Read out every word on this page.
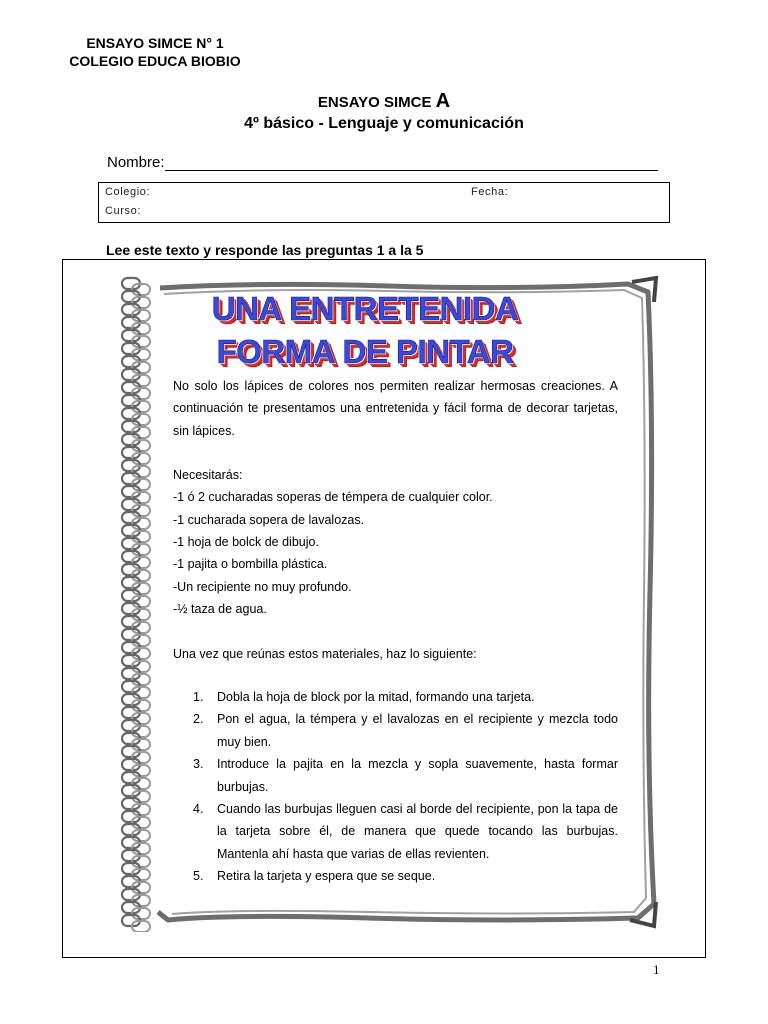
ENSAYO SIMCE N° 1
COLEGIO EDUCA BIOBIO
ENSAYO SIMCE A
4º básico - Lenguaje y comunicación
Nombre:
Colegio:	Fecha:
Curso:
Lee este texto y responde las preguntas 1 a la 5
UNA ENTRETENIDA
FORMA DE PINTAR
No solo los lápices de colores nos permiten realizar hermosas creaciones. A continuación te presentamos una entretenida y fácil forma de decorar tarjetas, sin lápices.
Necesitarás:
-1 ó 2 cucharadas soperas de témpera de cualquier color.
-1 cucharada sopera de lavalozas.
-1 hoja de bolck de dibujo.
-1 pajita o bombilla plástica.
-Un recipiente no muy profundo.
-½ taza de agua.
Una vez que reúnas estos materiales, haz lo siguiente:
1. Dobla la hoja de block por la mitad, formando una tarjeta.
2. Pon el agua, la témpera y el lavalozas en el recipiente y mezcla todo muy bien.
3. Introduce la pajita en la mezcla y sopla suavemente, hasta formar burbujas.
4. Cuando las burbujas lleguen casi al borde del recipiente, pon la tapa de la tarjeta sobre él, de manera que quede tocando las burbujas. Mantenla ahí hasta que varias de ellas revienten.
5. Retira la tarjeta y espera que se seque.
1
